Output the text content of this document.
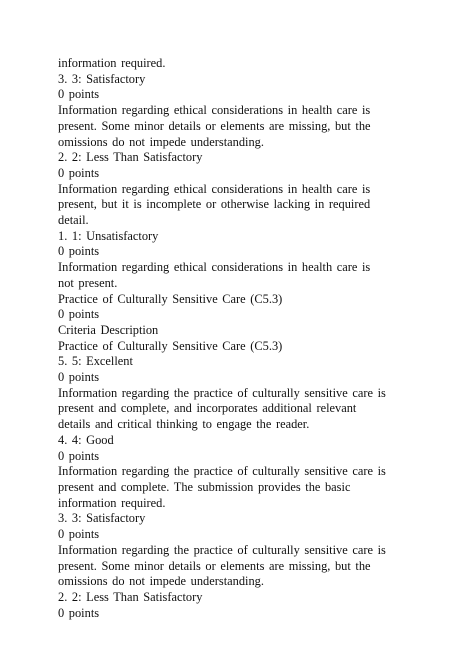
information required.
3. 3: Satisfactory
0 points
Information regarding ethical considerations in health care is
present. Some minor details or elements are missing, but the
omissions do not impede understanding.
2. 2: Less Than Satisfactory
0 points
Information regarding ethical considerations in health care is
present, but it is incomplete or otherwise lacking in required
detail.
1. 1: Unsatisfactory
0 points
Information regarding ethical considerations in health care is
not present.
Practice of Culturally Sensitive Care (C5.3)
0 points
Criteria Description
Practice of Culturally Sensitive Care (C5.3)
5. 5: Excellent
0 points
Information regarding the practice of culturally sensitive care is
present and complete, and incorporates additional relevant
details and critical thinking to engage the reader.
4. 4: Good
0 points
Information regarding the practice of culturally sensitive care is
present and complete. The submission provides the basic
information required.
3. 3: Satisfactory
0 points
Information regarding the practice of culturally sensitive care is
present. Some minor details or elements are missing, but the
omissions do not impede understanding.
2. 2: Less Than Satisfactory
0 points
